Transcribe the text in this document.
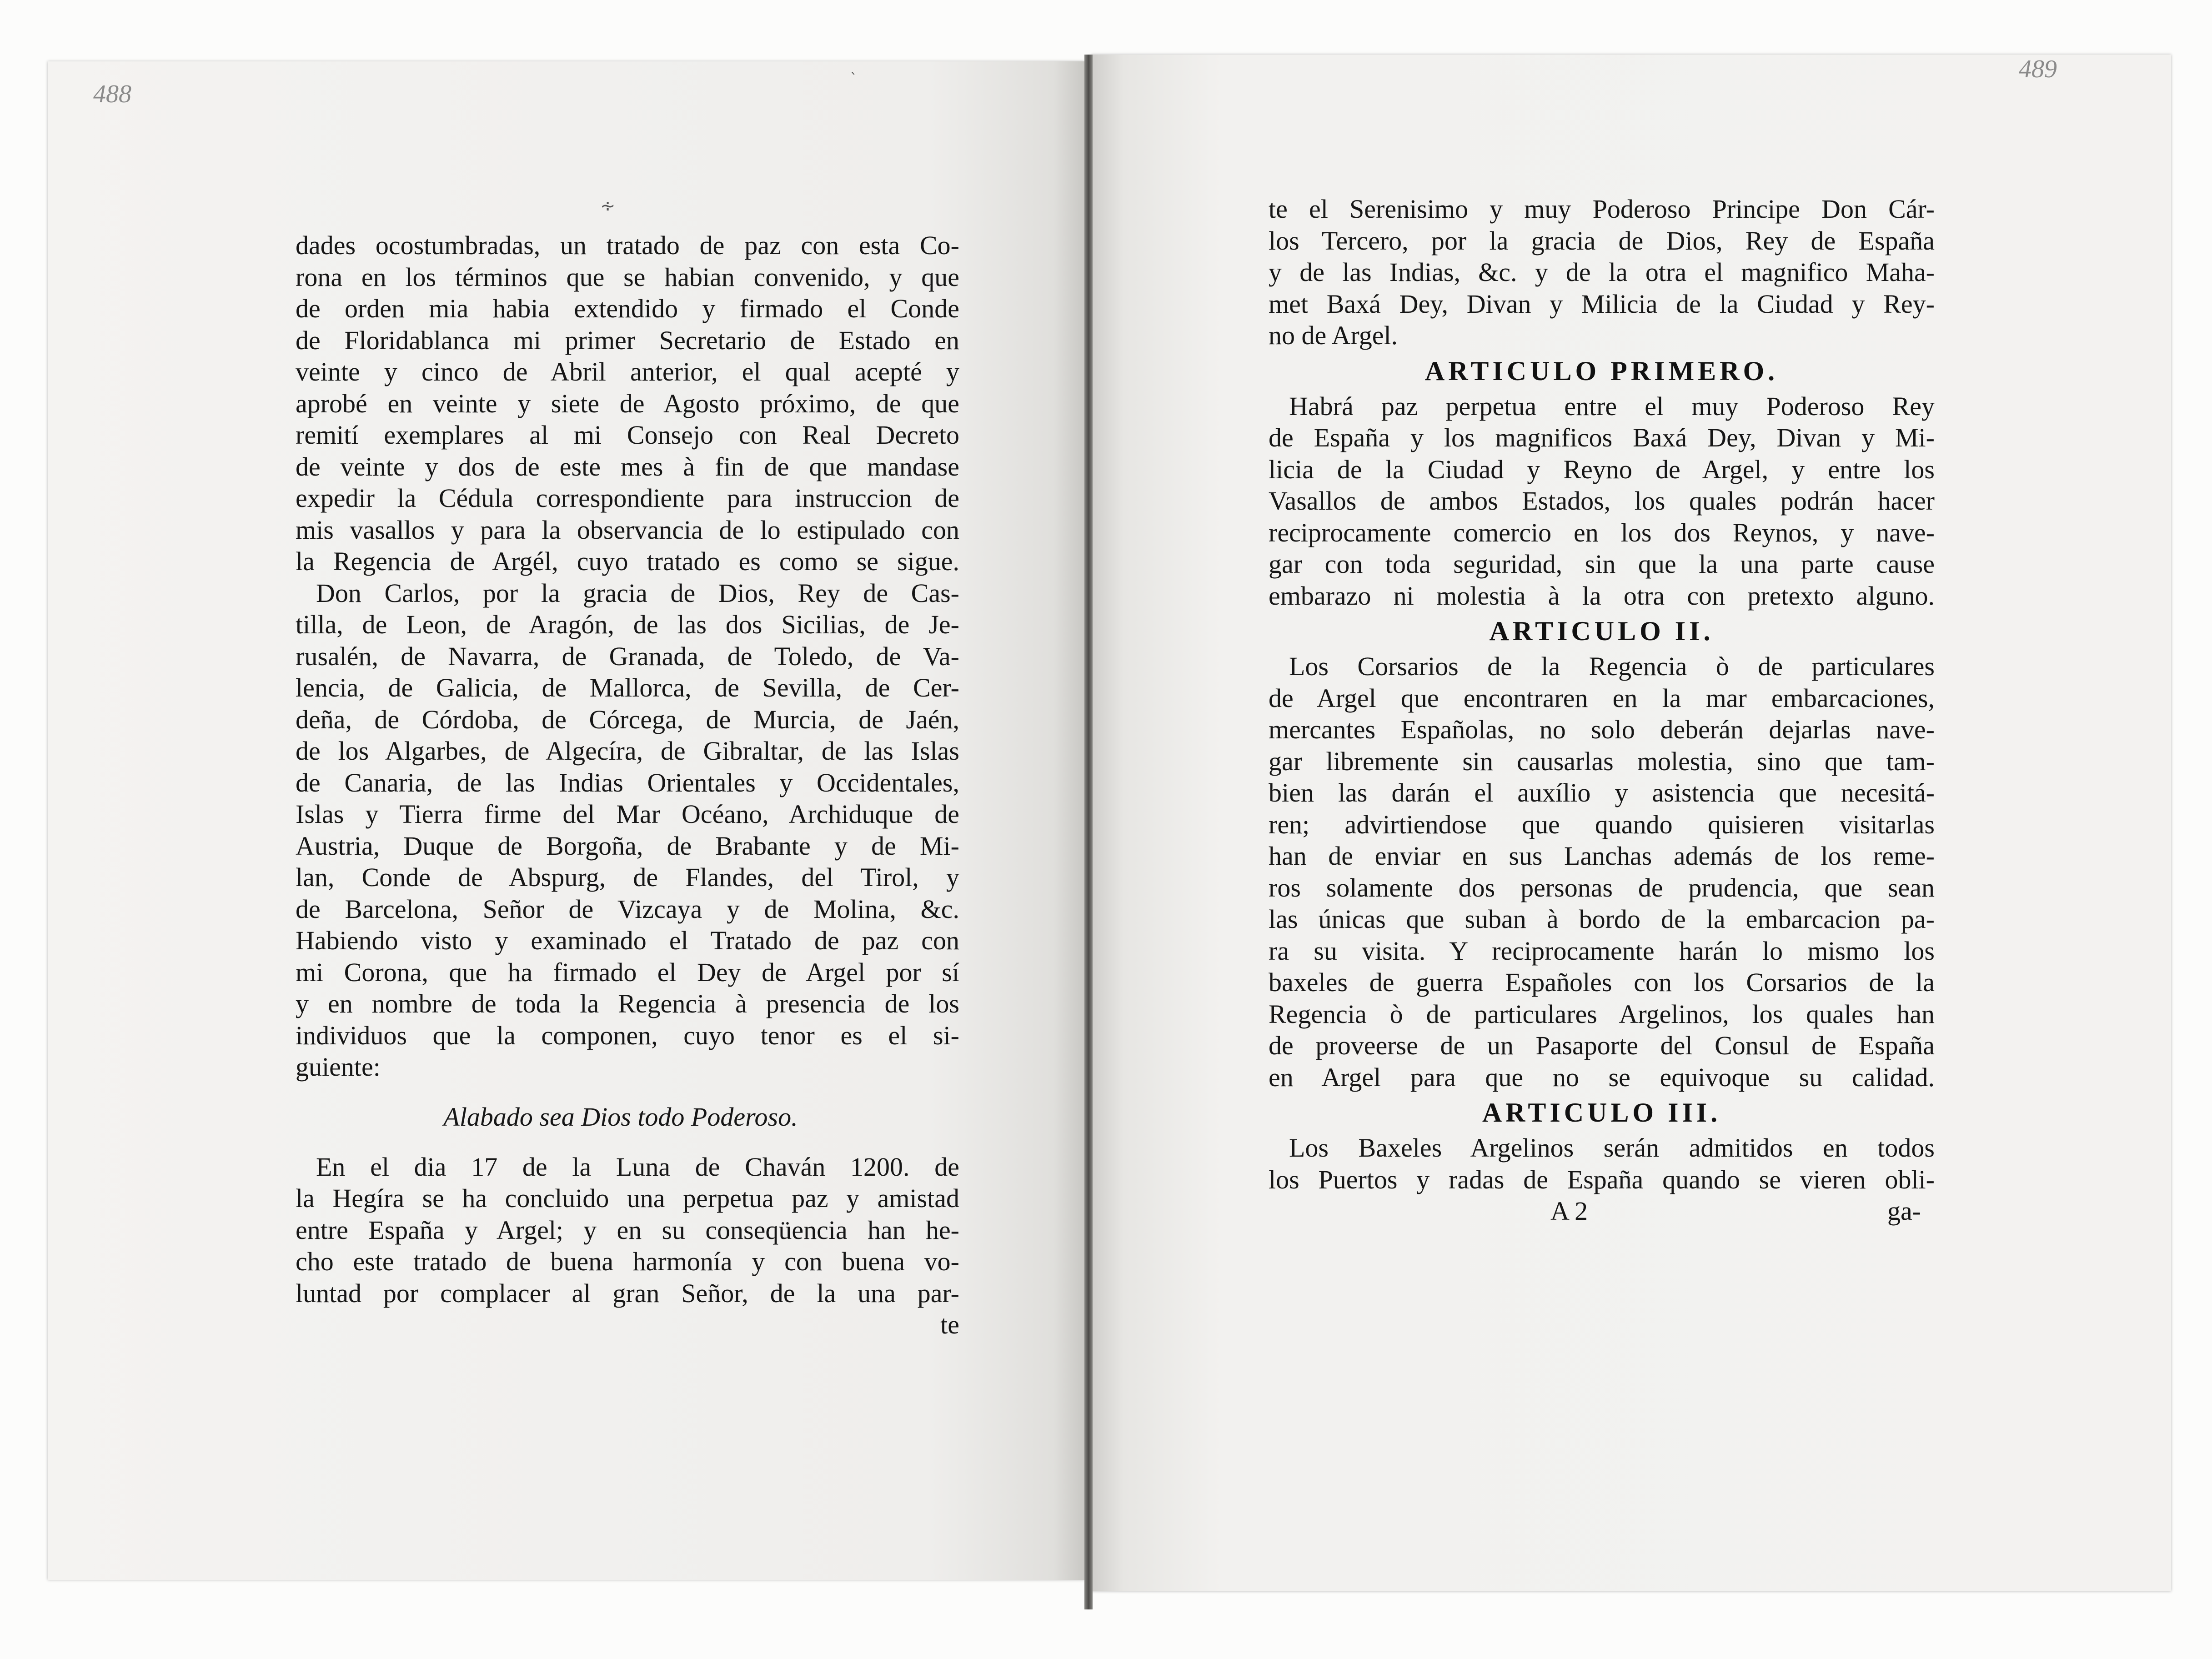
488
489
∻
ˎ
dades ocostumbradas, un tratado de paz con esta Co-
rona en los términos que se habian convenido, y que
de orden mia habia extendido y firmado el Conde
de Floridablanca mi primer Secretario de Estado en
veinte y cinco de Abril anterior, el qual acepté y
aprobé en veinte y siete de Agosto próximo, de que
remití exemplares al mi Consejo con Real Decreto
de veinte y dos de este mes à fin de que mandase
expedir la Cédula correspondiente para instruccion de
mis vasallos y para la observancia de lo estipulado con
la Regencia de Argél, cuyo tratado es como se sigue.
Don Carlos, por la gracia de Dios, Rey de Cas-
tilla, de Leon, de Aragón, de las dos Sicilias, de Je-
rusalén, de Navarra, de Granada, de Toledo, de Va-
lencia, de Galicia, de Mallorca, de Sevilla, de Cer-
deña, de Córdoba, de Córcega, de Murcia, de Jaén,
de los Algarbes, de Algecíra, de Gibraltar, de las Islas
de Canaria, de las Indias Orientales y Occidentales,
Islas y Tierra firme del Mar Océano, Archiduque de
Austria, Duque de Borgoña, de Brabante y de Mi-
lan, Conde de Abspurg, de Flandes, del Tirol, y
de Barcelona, Señor de Vizcaya y de Molina, &c.
Habiendo visto y examinado el Tratado de paz con
mi Corona, que ha firmado el Dey de Argel por sí
y en nombre de toda la Regencia à presencia de los
individuos que la componen, cuyo tenor es el si-
guiente:
Alabado sea Dios todo Poderoso.
En el dia 17 de la Luna de Chaván 1200. de
la Hegíra se ha concluido una perpetua paz y amistad
entre España y Argel; y en su conseqüencia han he-
cho este tratado de buena harmonía y con buena vo-
luntad por complacer al gran Señor, de la una par-
te
te el Serenisimo y muy Poderoso Principe Don Cár-
los Tercero, por la gracia de Dios, Rey de España
y de las Indias, &c. y de la otra el magnifico Maha-
met Baxá Dey, Divan y Milicia de la Ciudad y Rey-
no de Argel.
ARTICULO PRIMERO.
Habrá paz perpetua entre el muy Poderoso Rey
de España y los magnificos Baxá Dey, Divan y Mi-
licia de la Ciudad y Reyno de Argel, y entre los
Vasallos de ambos Estados, los quales podrán hacer
reciprocamente comercio en los dos Reynos, y nave-
gar con toda seguridad, sin que la una parte cause
embarazo ni molestia à la otra con pretexto alguno.
ARTICULO II.
Los Corsarios de la Regencia ò de particulares
de Argel que encontraren en la mar embarcaciones,
mercantes Españolas, no solo deberán dejarlas nave-
gar libremente sin causarlas molestia, sino que tam-
bien las darán el auxílio y asistencia que necesitá-
ren; advirtiendose que quando quisieren visitarlas
han de enviar en sus Lanchas además de los reme-
ros solamente dos personas de prudencia, que sean
las únicas que suban à bordo de la embarcacion pa-
ra su visita. Y reciprocamente harán lo mismo los
baxeles de guerra Españoles con los Corsarios de la
Regencia ò de particulares Argelinos, los quales han
de proveerse de un Pasaporte del Consul de España
en Argel para que no se equivoque su calidad.
ARTICULO III.
Los Baxeles Argelinos serán admitidos en todos
los Puertos y radas de España quando se vieren obli-
A 2	ga-
